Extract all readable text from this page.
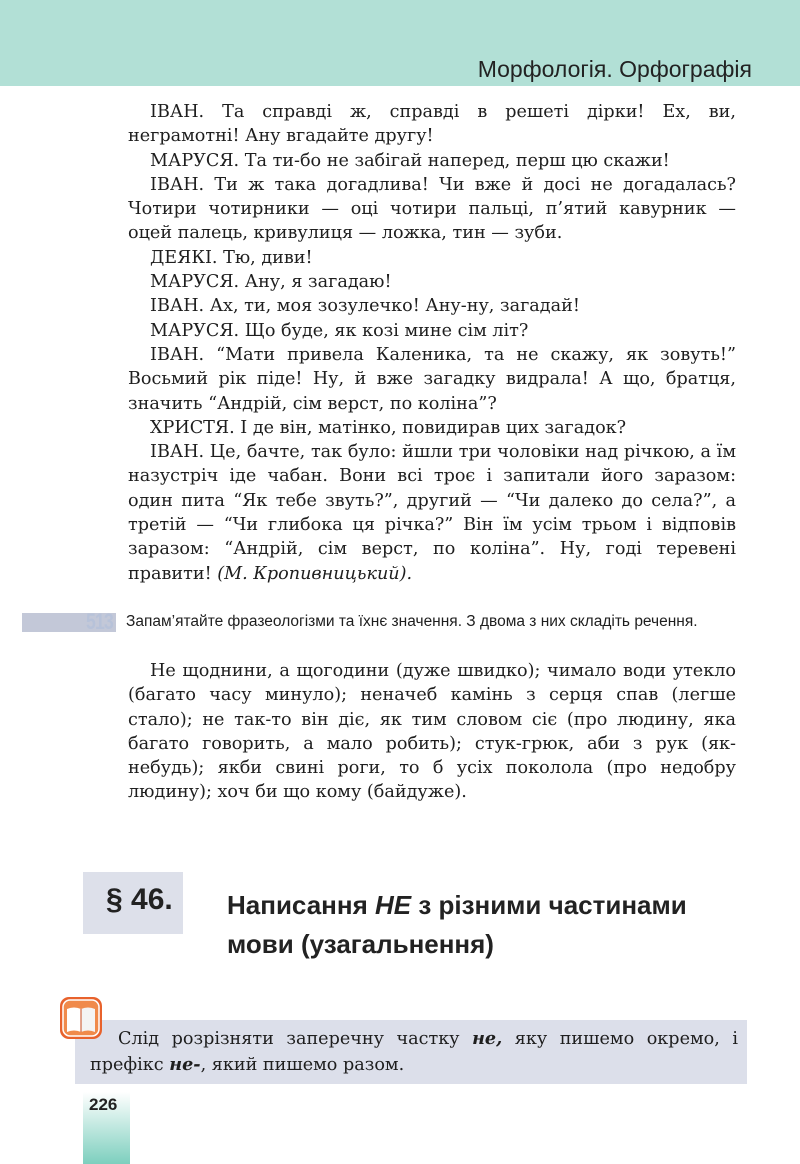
Морфологія. Орфографія

ІВАН. Та справді ж, справді в решеті дірки! Ех, ви, неграмотні! Ану вгадайте другу!

МАРУСЯ. Та ти-бо не забігай наперед, перш цю скажи!

ІВАН. Ти ж така догадлива! Чи вже й досі не догадалась? Чотири чотирники — оці чотири пальці, п’ятий кавурник — оцей палець, кривулиця — ложка, тин — зуби.

ДЕЯКІ. Тю, диви!

МАРУСЯ. Ану, я загадаю!

ІВАН. Ах, ти, моя зозулечко! Ану-ну, загадай!

МАРУСЯ. Що буде, як козі мине сім літ?

ІВАН. “Мати привела Каленика, та не скажу, як зовуть!” Восьмий рік піде! Ну, й вже загадку видрала! А що, братця, значить “Андрій, сім верст, по коліна”?

ХРИСТЯ. І де він, матінко, повидирав цих загадок?

ІВАН. Це, бачте, так було: йшли три чоловіки над річкою, а їм назустріч іде чабан. Вони всі троє і запитали його заразом: один пита “Як тебе звуть?”, другий — “Чи далеко до села?”, а третій — “Чи глибока ця річка?” Він їм усім трьом і відповів заразом: “Андрій, сім верст, по коліна”. Ну, годі теревені правити! (М. Кропивницький).

513 Запам’ятайте фразеологізми та їхнє значення. З двома з них складіть речення.

Не щоднини, а щогодини (дуже швидко); чимало води утекло (багато часу минуло); неначеб камінь з серця спав (легше стало); не так-то він діє, як тим словом сіє (про людину, яка багато говорить, а мало робить); стук-грюк, аби з рук (як-небудь); якби свині роги, то б усіх поколола (про недобру людину); хоч би що кому (байдуже).

§ 46. Написання НЕ з різними частинами мови (узагальнення)

Слід розрізняти заперечну частку не, яку пишемо окремо, і префікс не-, який пишемо разом.

226
